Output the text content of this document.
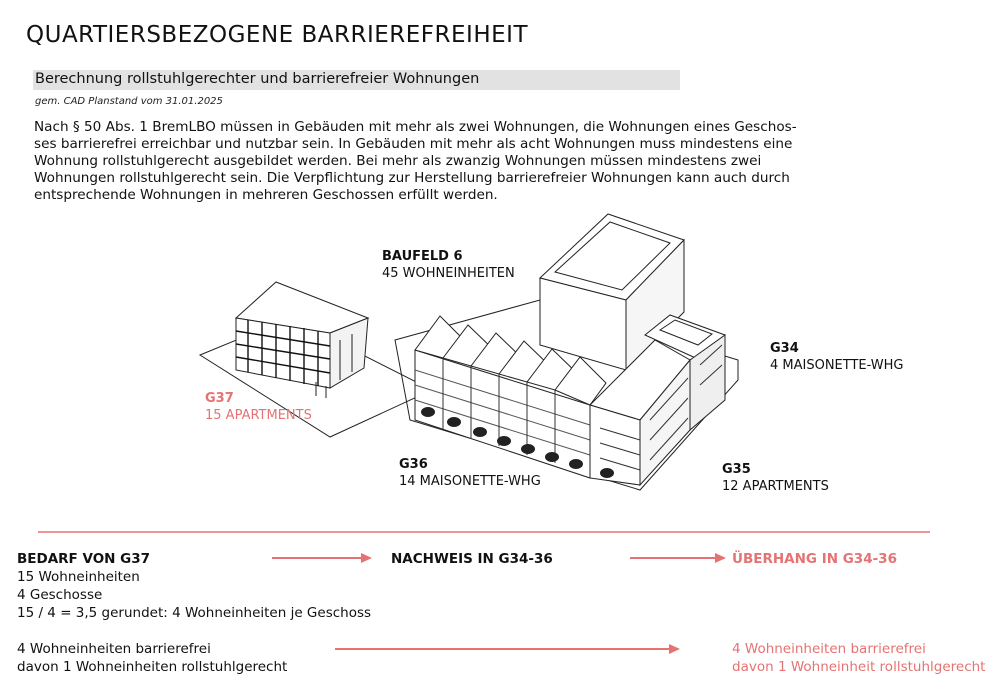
QUARTIERSBEZOGENE BARRIEREFREIHEIT
Berechnung rollstuhlgerechter und barrierefreier Wohnungen
gem. CAD Planstand vom 31.01.2025
Nach § 50 Abs. 1 BremLBO müssen in Gebäuden mit mehr als zwei Wohnungen, die Wohnungen eines Geschos-
ses barrierefrei erreichbar und nutzbar sein. In Gebäuden mit mehr als acht Wohnungen muss mindestens eine
Wohnung rollstuhlgerecht ausgebildet werden. Bei mehr als zwanzig Wohnungen müssen mindestens zwei
Wohnungen rollstuhlgerecht sein. Die Verpflichtung zur Herstellung barrierefreier Wohnungen kann auch durch
entsprechende Wohnungen in mehreren Geschossen erfüllt werden.
BAUFELD 6
45 WOHNEINHEITEN
G37
15 APARTMENTS
G34
4 MAISONETTE-WHG
G36
14 MAISONETTE-WHG
G35
12 APARTMENTS
BEDARF VON G37
15 Wohneinheiten
4 Geschosse
15 / 4 = 3,5 gerundet: 4 Wohneinheiten je Geschoss
NACHWEIS IN G34-36	ÜBERHANG IN G34-36
4 Wohneinheiten barrierefrei
davon 1 Wohneinheiten rollstuhlgerecht
4 Wohneinheiten barrierefrei
davon 1 Wohneinheit rollstuhlgerecht
